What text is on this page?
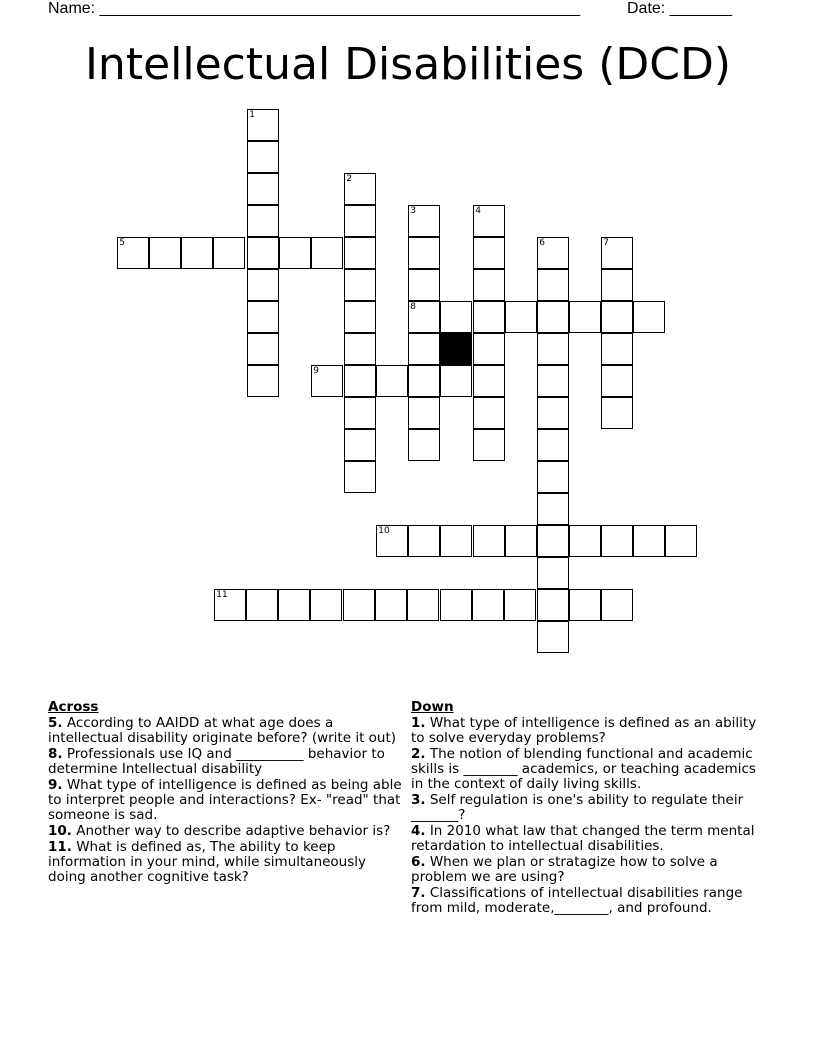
Name: ______________________________________________________	Date: _______
Intellectual Disabilities (DCD)
1
2
3
8
4
6	7
5
9
10
11
Across
5. According to AAIDD at what age does a intellectual disability originate before? (write it out)
8. Professionals use IQ and __________ behavior to determine Intellectual disability
9. What type of intelligence is defined as being able to interpret people and interactions? Ex- "read" that someone is sad.
10. Another way to describe adaptive behavior is?
11. What is defined as, The ability to keep information in your mind, while simultaneously doing another cognitive task?
Down
1. What type of intelligence is defined as an ability to solve everyday problems?
2. The notion of blending functional and academic skills is ________ academics, or teaching academics in the context of daily living skills.
3. Self regulation is one's ability to regulate their _______?
4. In 2010 what law that changed the term mental retardation to intellectual disabilities.
6. When we plan or stratagize how to solve a problem we are using?
7. Classifications of intellectual disabilities range from mild, moderate,________, and profound.
